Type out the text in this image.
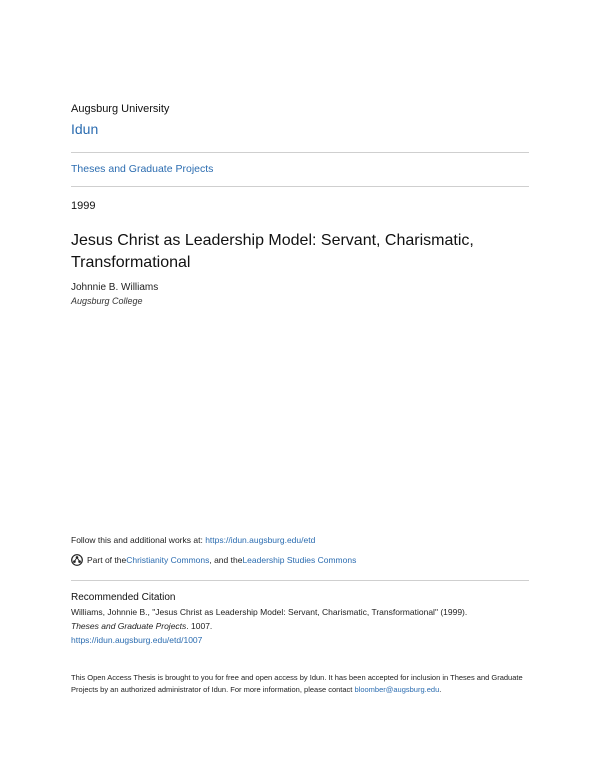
Augsburg University
Idun
Theses and Graduate Projects
1999
Jesus Christ as Leadership Model: Servant, Charismatic, Transformational
Johnnie B. Williams
Augsburg College
Follow this and additional works at: https://idun.augsburg.edu/etd
Part of the Christianity Commons , and the Leadership Studies Commons
Recommended Citation
Williams, Johnnie B., "Jesus Christ as Leadership Model: Servant, Charismatic, Transformational" (1999).
Theses and Graduate Projects. 1007.
https://idun.augsburg.edu/etd/1007
This Open Access Thesis is brought to you for free and open access by Idun. It has been accepted for inclusion in Theses and Graduate Projects by an authorized administrator of Idun. For more information, please contact bloomber@augsburg.edu.
